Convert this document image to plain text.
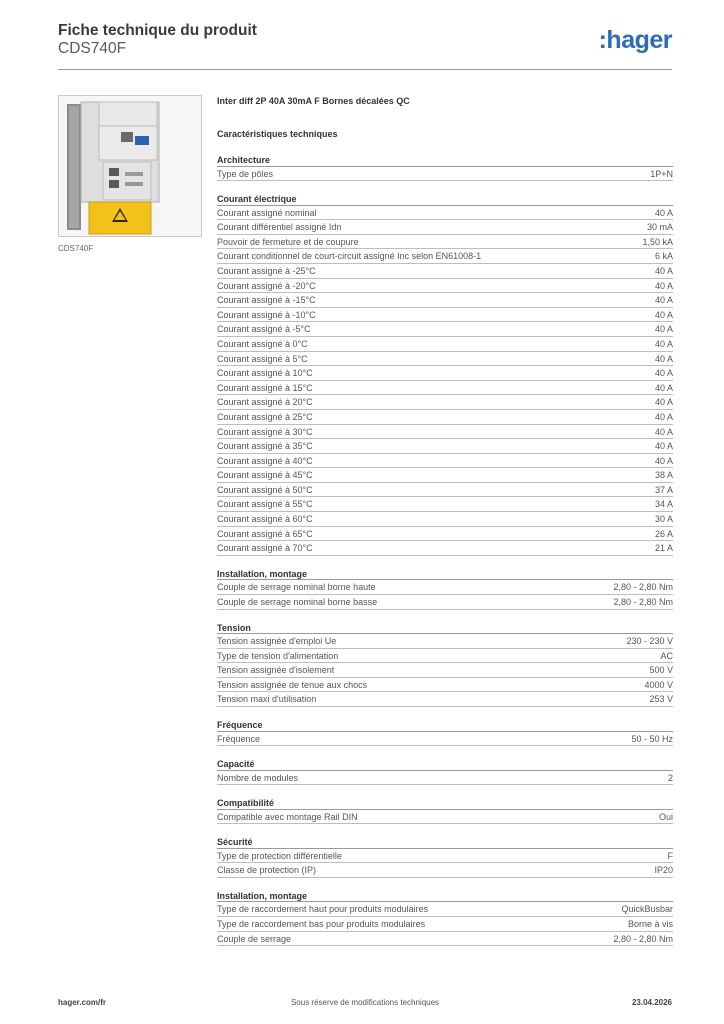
Fiche technique du produit
CDS740F	:hager
CDS740F
Inter diff 2P 40A 30mA F Bornes décalées QC
Caractéristiques techniques
Architecture
Type de pôles	1P+N
Courant électrique
Courant assigné nominal	40 A
Courant différentiel assigné Idn	30 mA
Pouvoir de fermeture et de coupure	1,50 kA
Courant conditionnel de court-circuit assigné Inc selon EN61008-1	6 kA
Courant assigné à -25°C	40 A
Courant assigné à -20°C	40 A
Courant assigné à -15°C	40 A
Courant assigné à -10°C	40 A
Courant assigné à -5°C	40 A
Courant assigné à 0°C	40 A
Courant assigné à 5°C	40 A
Courant assigné à 10°C	40 A
Courant assigné à 15°C	40 A
Courant assigné à 20°C	40 A
Courant assigné à 25°C	40 A
Courant assigné à 30°C	40 A
Courant assigné à 35°C	40 A
Courant assigné à 40°C	40 A
Courant assigné à 45°C	38 A
Courant assigné à 50°C	37 A
Courant assigné à 55°C	34 A
Courant assigné à 60°C	30 A
Courant assigné à 65°C	26 A
Courant assigné à 70°C	21 A
Installation, montage
Couple de serrage nominal borne haute	2,80 - 2,80 Nm
Couple de serrage nominal borne basse	2,80 - 2,80 Nm
Tension
Tension assignée d'emploi Ue	230 - 230 V
Type de tension d'alimentation	AC
Tension assignée d'isolement	500 V
Tension assignée de tenue aux chocs	4000 V
Tension maxi d'utilisation	253 V
Fréquence
Fréquence	50 - 50 Hz
Capacité
Nombre de modules	2
Compatibilité
Compatible avec montage Rail DIN	Oui
Sécurité
Type de protection différentielle	F
Classe de protection (IP)	IP20
Installation, montage
Type de raccordement haut pour produits modulaires	QuickBusbar
Type de raccordement bas pour produits modulaires	Borne à vis
Couple de serrage	2,80 - 2,80 Nm
Sous réserve de modifications techniques
hager.com/fr	23.04.2026
